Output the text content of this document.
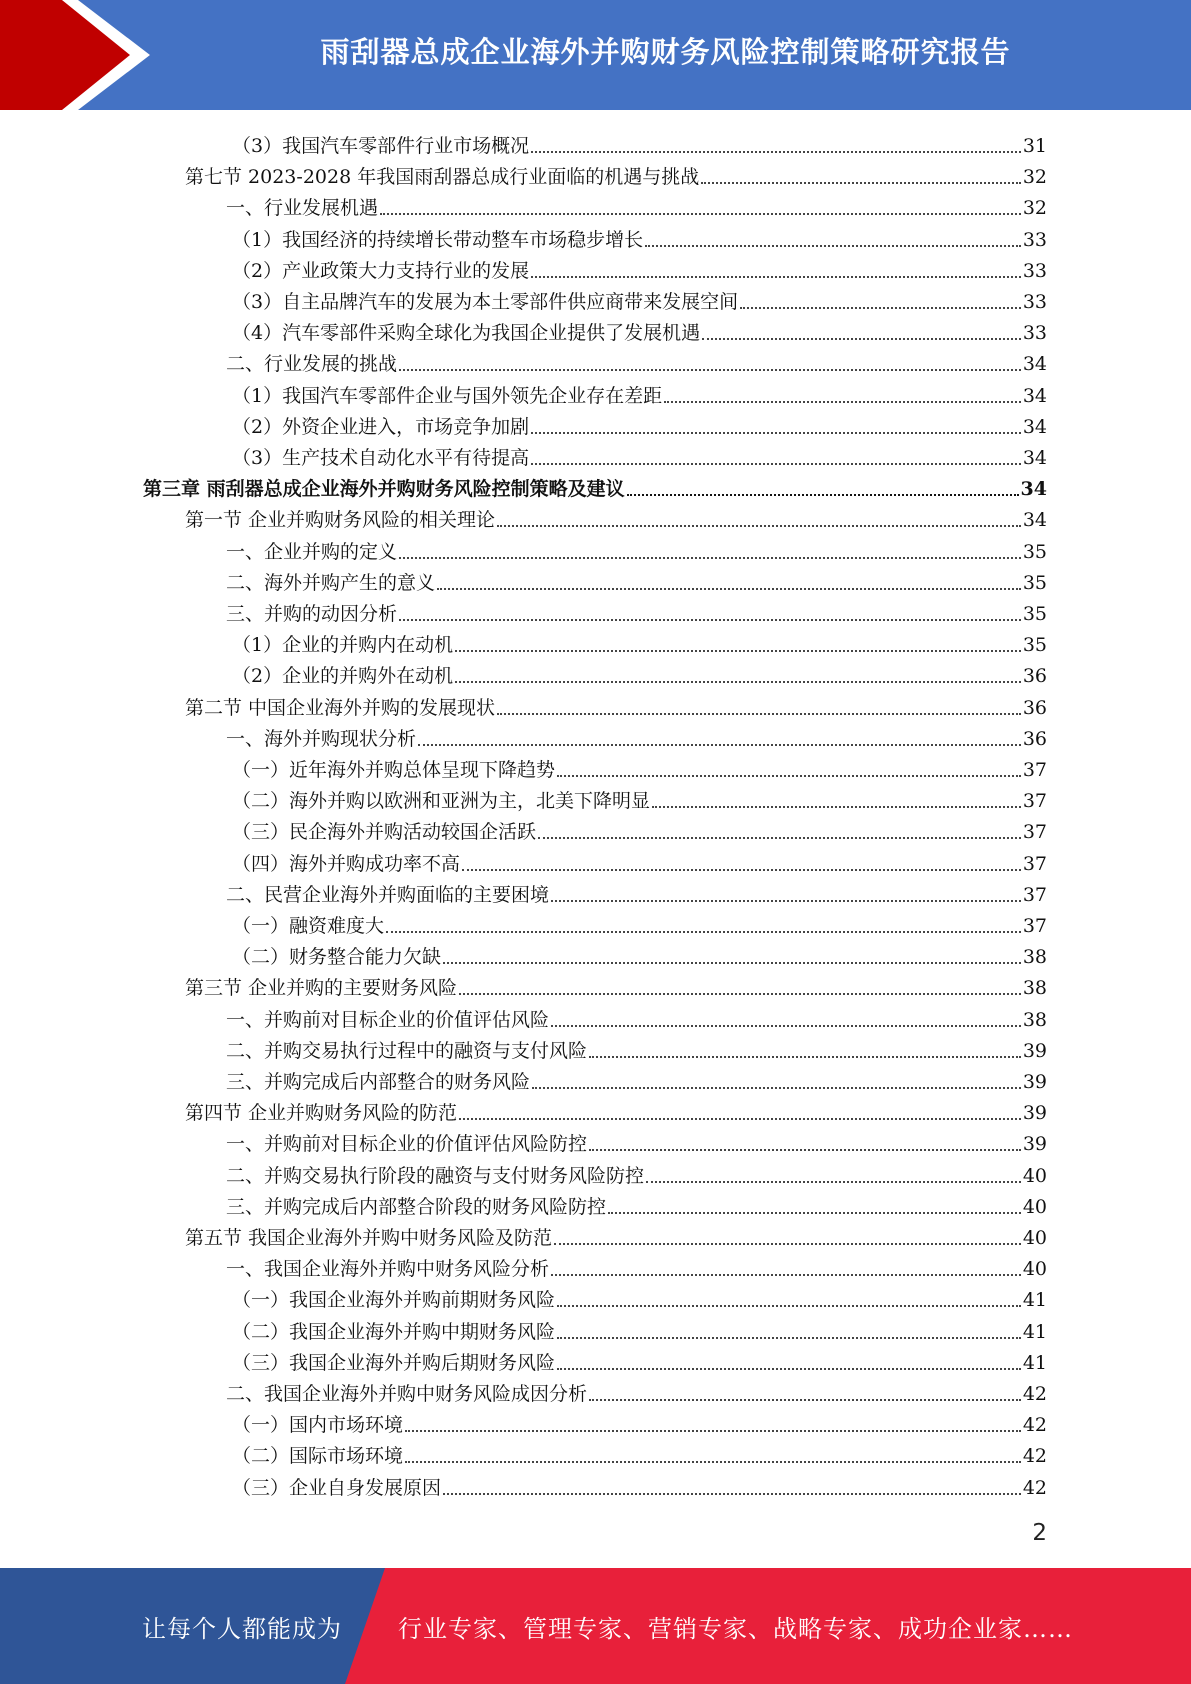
雨刮器总成企业海外并购财务风险控制策略研究报告
（3）我国汽车零部件行业市场概况	31
第七节 2023-2028 年我国雨刮器总成行业面临的机遇与挑战	32
一、行业发展机遇	32
（1）我国经济的持续增长带动整车市场稳步增长	33
（2）产业政策大力支持行业的发展	33
（3）自主品牌汽车的发展为本土零部件供应商带来发展空间	33
（4）汽车零部件采购全球化为我国企业提供了发展机遇	33
二、行业发展的挑战	34
（1）我国汽车零部件企业与国外领先企业存在差距	34
（2）外资企业进入，市场竞争加剧	34
（3）生产技术自动化水平有待提高	34
第三章 雨刮器总成企业海外并购财务风险控制策略及建议	34
第一节 企业并购财务风险的相关理论	34
一、企业并购的定义	35
二、海外并购产生的意义	35
三、并购的动因分析	35
（1）企业的并购内在动机	35
（2）企业的并购外在动机	36
第二节 中国企业海外并购的发展现状	36
一、海外并购现状分析	36
（一）近年海外并购总体呈现下降趋势	37
（二）海外并购以欧洲和亚洲为主，北美下降明显	37
（三）民企海外并购活动较国企活跃	37
（四）海外并购成功率不高	37
二、民营企业海外并购面临的主要困境	37
（一）融资难度大	37
（二）财务整合能力欠缺	38
第三节 企业并购的主要财务风险	38
一、并购前对目标企业的价值评估风险	38
二、并购交易执行过程中的融资与支付风险	39
三、并购完成后内部整合的财务风险	39
第四节 企业并购财务风险的防范	39
一、并购前对目标企业的价值评估风险防控	39
二、并购交易执行阶段的融资与支付财务风险防控	40
三、并购完成后内部整合阶段的财务风险防控	40
第五节 我国企业海外并购中财务风险及防范	40
一、我国企业海外并购中财务风险分析	40
（一）我国企业海外并购前期财务风险	41
（二）我国企业海外并购中期财务风险	41
（三）我国企业海外并购后期财务风险	41
二、我国企业海外并购中财务风险成因分析	42
（一）国内市场环境	42
（二）国际市场环境	42
（三）企业自身发展原因	42
2
让每个人都能成为 行业专家、管理专家、营销专家、战略专家、成功企业家……
